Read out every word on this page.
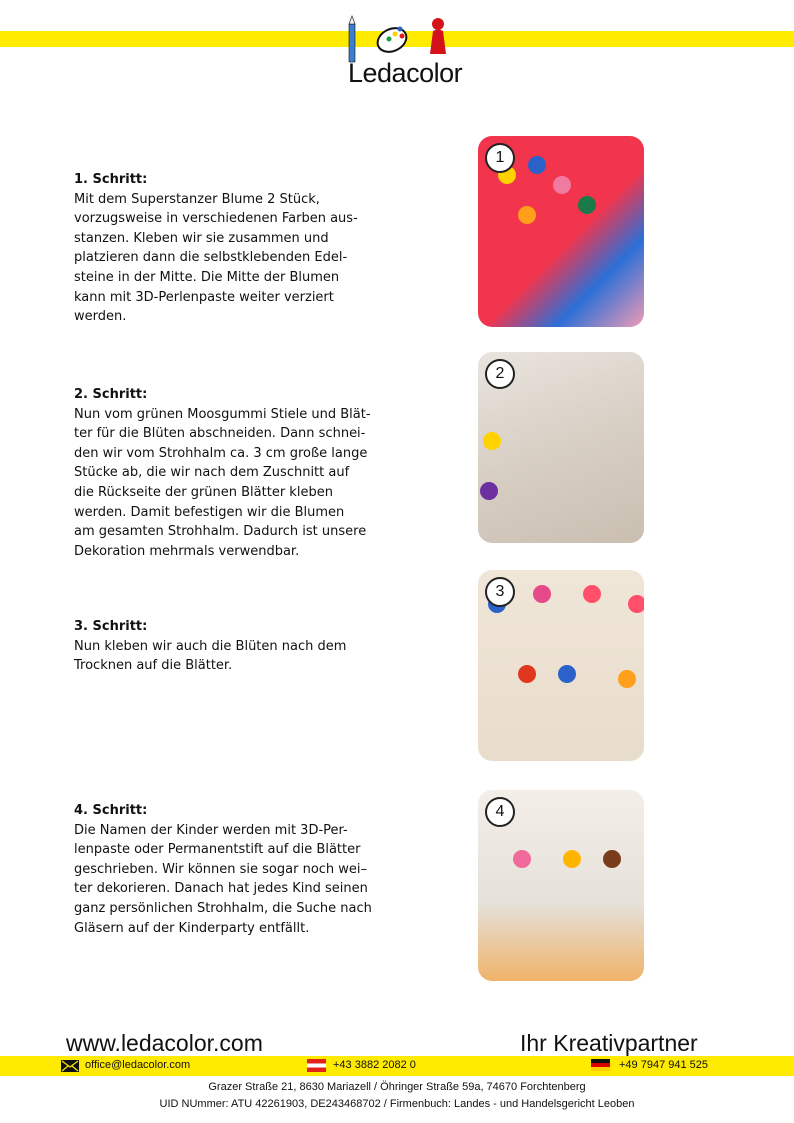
Ledacolor
1. Schritt:
Mit dem Superstanzer Blume 2 Stück,
vorzugsweise in verschiedenen Farben aus-
stanzen. Kleben wir sie zusammen und
platzieren dann die selbstklebenden Edel-
steine in der Mitte. Die Mitte der Blumen
kann mit 3D-Perlenpaste weiter verziert
werden.
2. Schritt:
Nun vom grünen Moosgummi Stiele und Blät-
ter für die Blüten abschneiden. Dann schnei-
den wir vom Strohhalm ca. 3 cm große lange
Stücke ab, die wir nach dem Zuschnitt auf
die Rückseite der grünen Blätter kleben
werden. Damit befestigen wir die Blumen
am gesamten Strohhalm. Dadurch ist unsere
Dekoration mehrmals verwendbar.
3. Schritt:
Nun kleben wir auch die Blüten nach dem
Trocknen auf die Blätter.
4. Schritt:
Die Namen der Kinder werden mit 3D-Per-
lenpaste oder Permanentstift auf die Blätter
geschrieben. Wir können sie sogar noch wei–
ter dekorieren. Danach hat jedes Kind seinen
ganz persönlichen Strohhalm, die Suche nach
Gläsern auf der Kinderparty entfällt.
www.ledacolor.com	Ihr Kreativpartner
office@ledacolor.com	+43 3882 2082 0	+49 7947 941 525
Grazer Straße 21, 8630 Mariazell / Öhringer Straße 59a, 74670 Forchtenberg
UID NUmmer: ATU 42261903, DE243468702 / Firmenbuch: Landes - und Handelsgericht Leoben
1
2
3
4
